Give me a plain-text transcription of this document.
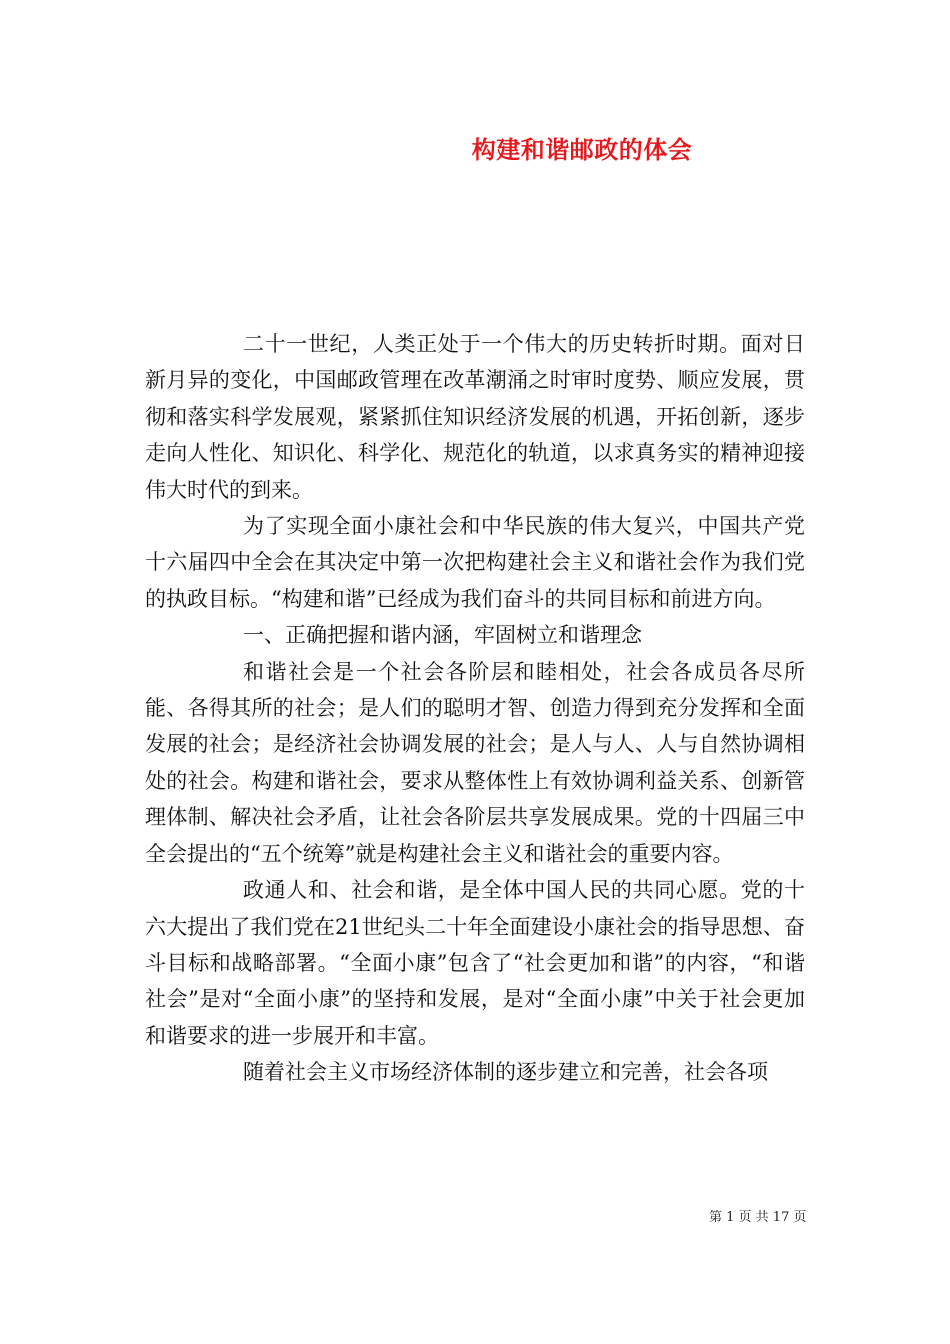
构建和谐邮政的体会

二十一世纪，人类正处于一个伟大的历史转折时期。面对日新月异的变化，中国邮政管理在改革潮涌之时审时度势、顺应发展，贯彻和落实科学发展观，紧紧抓住知识经济发展的机遇，开拓创新，逐步走向人性化、知识化、科学化、规范化的轨道，以求真务实的精神迎接伟大时代的到来。

为了实现全面小康社会和中华民族的伟大复兴，中国共产党十六届四中全会在其决定中第一次把构建社会主义和谐社会作为我们党的执政目标。“构建和谐”已经成为我们奋斗的共同目标和前进方向。

一、正确把握和谐内涵，牢固树立和谐理念

和谐社会是一个社会各阶层和睦相处，社会各成员各尽所能、各得其所的社会；是人们的聪明才智、创造力得到充分发挥和全面发展的社会；是经济社会协调发展的社会；是人与人、人与自然协调相处的社会。构建和谐社会，要求从整体性上有效协调利益关系、创新管理体制、解决社会矛盾，让社会各阶层共享发展成果。党的十四届三中全会提出的“五个统筹”就是构建社会主义和谐社会的重要内容。

政通人和、社会和谐，是全体中国人民的共同心愿。党的十六大提出了我们党在21世纪头二十年全面建设小康社会的指导思想、奋斗目标和战略部署。“全面小康”包含了“社会更加和谐”的内容，“和谐社会”是对“全面小康”的坚持和发展，是对“全面小康”中关于社会更加和谐要求的进一步展开和丰富。

随着社会主义市场经济体制的逐步建立和完善，社会各项

第 1 页 共 17 页
